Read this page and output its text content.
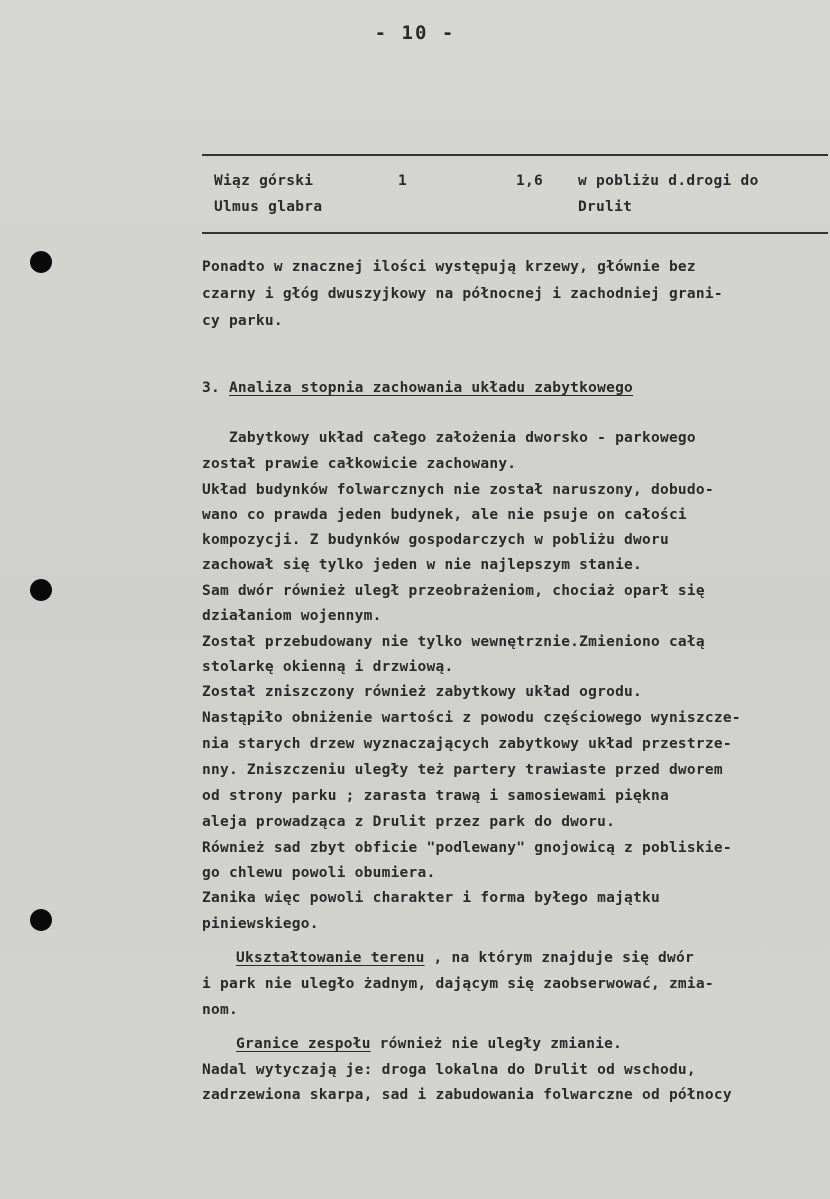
- 10 -
Wiąz górski
Ulmus glabra
1	1,6 w pobliżu d.drogi do
Drulit
Ponadto w znacznej ilości występują krzewy, głównie bez
czarny i głóg dwuszyjkowy na północnej i zachodniej grani-
cy parku.
3. Analiza stopnia zachowania układu zabytkowego
Zabytkowy układ całego założenia dworsko - parkowego
został prawie całkowicie zachowany.
Układ budynków folwarcznych nie został naruszony, dobudo-
wano co prawda jeden budynek, ale nie psuje on całości
kompozycji. Z budynków gospodarczych w pobliżu dworu
zachował się tylko jeden w nie najlepszym stanie.
Sam dwór również uległ przeobrażeniom, chociaż oparł się
działaniom wojennym.
Został przebudowany nie tylko wewnętrznie.Zmieniono całą
stolarkę okienną i drzwiową.
Został zniszczony również zabytkowy układ ogrodu.
Nastąpiło obniżenie wartości z powodu częściowego wyniszcze-
nia starych drzew wyznaczających zabytkowy układ przestrze-
nny. Zniszczeniu uległy też partery trawiaste przed dworem
od strony parku ; zarasta trawą i samosiewami piękna
aleja prowadząca z Drulit przez park do dworu.
Również sad zbyt obficie "podlewany" gnojowicą z pobliskie-
go chlewu powoli obumiera.
Zanika więc powoli charakter i forma byłego majątku
piniewskiego.
Ukształtowanie terenu , na którym znajduje się dwór
i park nie uległo żadnym, dającym się zaobserwować, zmia-
nom.
Granice zespołu również nie uległy zmianie.
Nadal wytyczają je: droga lokalna do Drulit od wschodu,
zadrzewiona skarpa, sad i zabudowania folwarczne od północy
